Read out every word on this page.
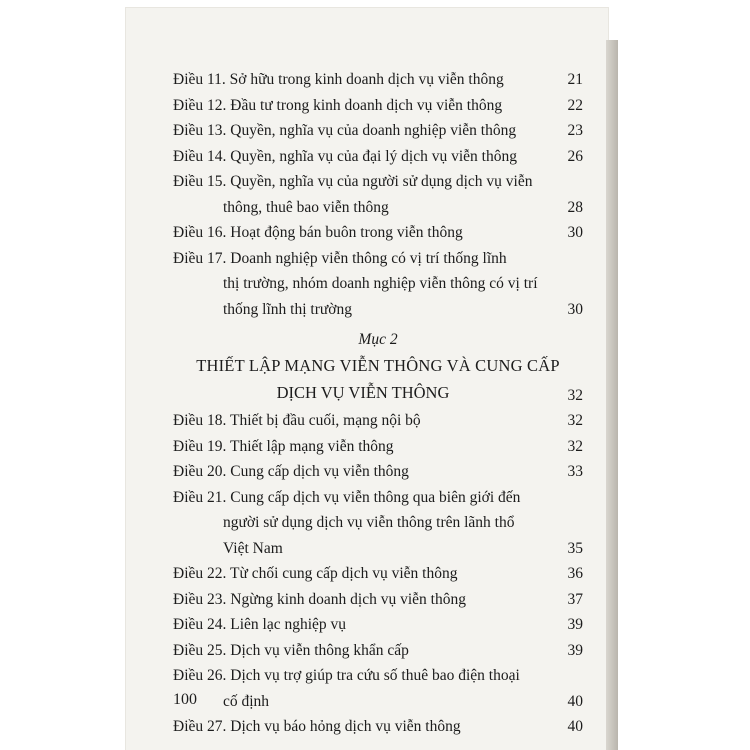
Điều 11. Sở hữu trong kinh doanh dịch vụ viễn thông	21
Điều 12. Đầu tư trong kinh doanh dịch vụ viễn thông	22
Điều 13. Quyền, nghĩa vụ của doanh nghiệp viễn thông	23
Điều 14. Quyền, nghĩa vụ của đại lý dịch vụ viễn thông	26
Điều 15. Quyền, nghĩa vụ của người sử dụng dịch vụ viễn
thông, thuê bao viễn thông	28
Điều 16. Hoạt động bán buôn trong viễn thông	30
Điều 17. Doanh nghiệp viễn thông có vị trí thống lĩnh
thị trường, nhóm doanh nghiệp viễn thông có vị trí
thống lĩnh thị trường	30
Mục 2
THIẾT LẬP MẠNG VIỄN THÔNG VÀ CUNG CẤP
DỊCH VỤ VIỄN THÔNG	32
Điều 18. Thiết bị đầu cuối, mạng nội bộ	32
Điều 19. Thiết lập mạng viễn thông	32
Điều 20. Cung cấp dịch vụ viễn thông	33
Điều 21. Cung cấp dịch vụ viễn thông qua biên giới đến
người sử dụng dịch vụ viễn thông trên lãnh thổ
Việt Nam	35
Điều 22. Từ chối cung cấp dịch vụ viễn thông	36
Điều 23. Ngừng kinh doanh dịch vụ viễn thông	37
Điều 24. Liên lạc nghiệp vụ	39
Điều 25. Dịch vụ viễn thông khẩn cấp	39
Điều 26. Dịch vụ trợ giúp tra cứu số thuê bao điện thoại
cố định	40
Điều 27. Dịch vụ báo hỏng dịch vụ viễn thông	40
100
